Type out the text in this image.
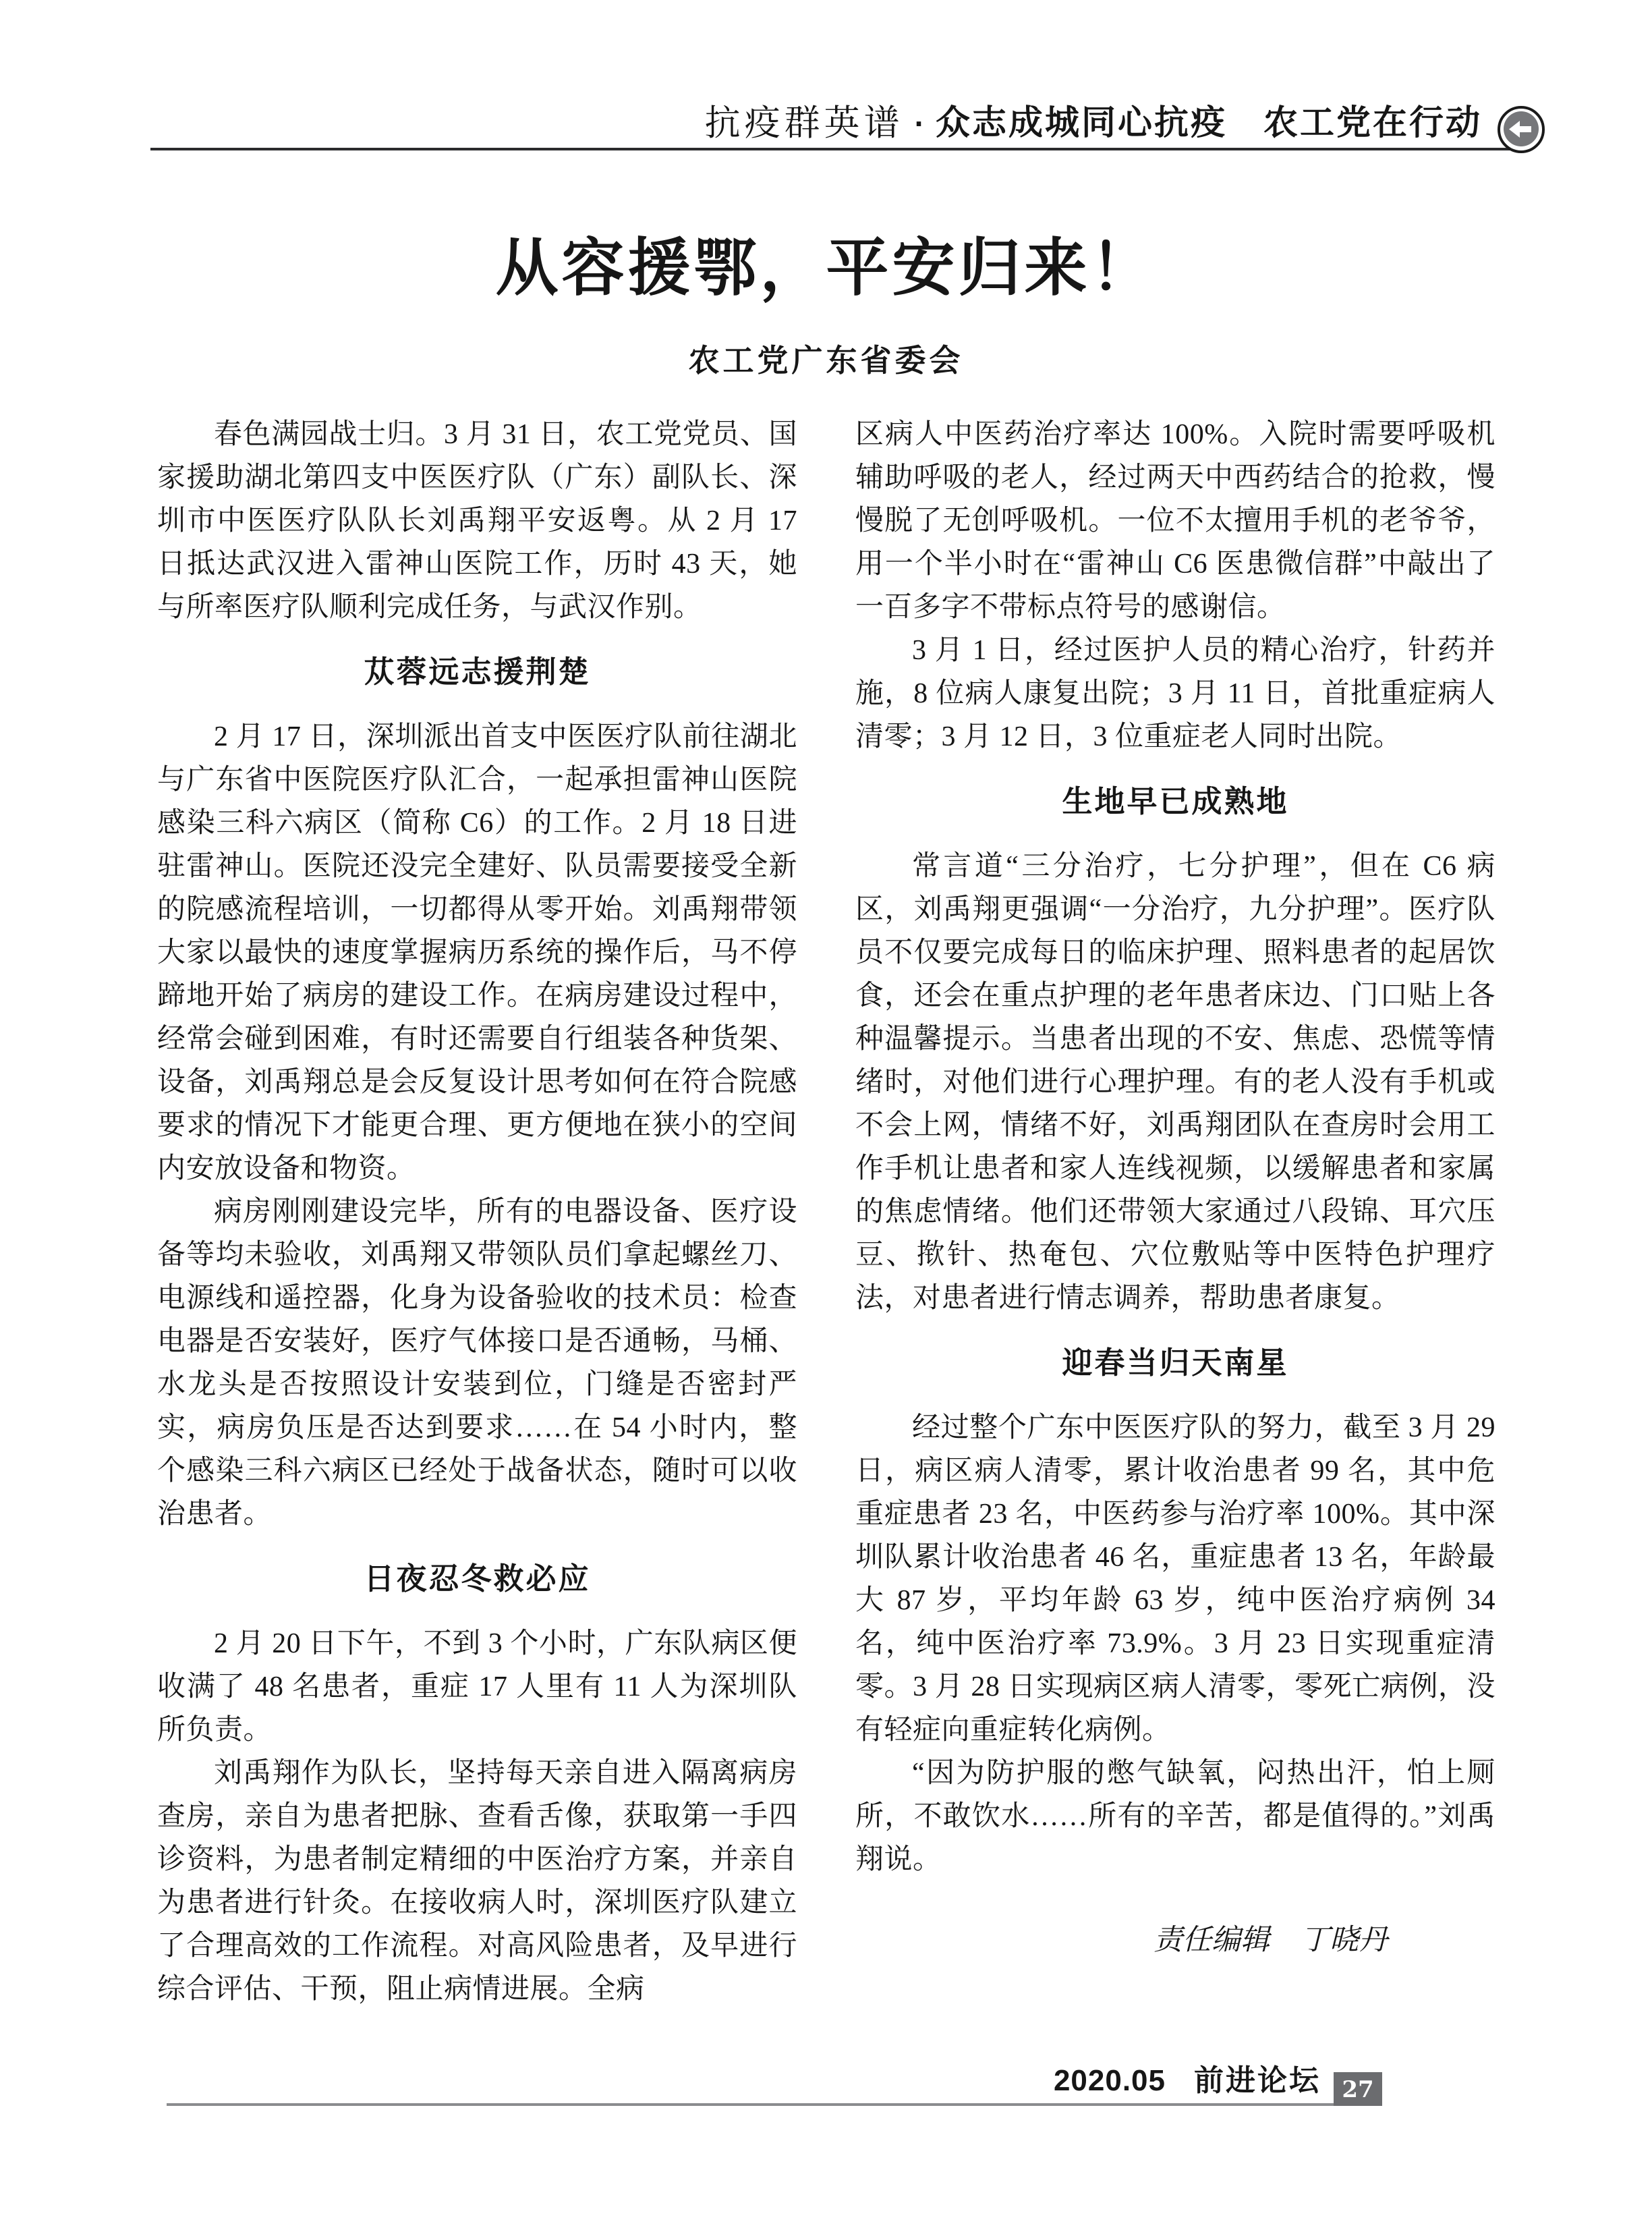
抗疫群英谱 · 众志成城同心抗疫　农工党在行动
从容援鄂，平安归来！
农工党广东省委会

春色满园战士归。3 月 31 日，农工党党员、国家援助湖北第四支中医医疗队（广东）副队长、深圳市中医医疗队队长刘禹翔平安返粤。从 2 月 17 日抵达武汉进入雷神山医院工作，历时 43 天，她与所率医疗队顺利完成任务，与武汉作别。

苁蓉远志援荆楚

2 月 17 日，深圳派出首支中医医疗队前往湖北与广东省中医院医疗队汇合，一起承担雷神山医院感染三科六病区（简称 C6）的工作。2 月 18 日进驻雷神山。医院还没完全建好、队员需要接受全新的院感流程培训，一切都得从零开始。刘禹翔带领大家以最快的速度掌握病历系统的操作后，马不停蹄地开始了病房的建设工作。在病房建设过程中，经常会碰到困难，有时还需要自行组装各种货架、设备，刘禹翔总是会反复设计思考如何在符合院感要求的情况下才能更合理、更方便地在狭小的空间内安放设备和物资。

病房刚刚建设完毕，所有的电器设备、医疗设备等均未验收，刘禹翔又带领队员们拿起螺丝刀、电源线和遥控器，化身为设备验收的技术员：检查电器是否安装好，医疗气体接口是否通畅，马桶、水龙头是否按照设计安装到位，门缝是否密封严实，病房负压是否达到要求……在 54 小时内，整个感染三科六病区已经处于战备状态，随时可以收治患者。

日夜忍冬救必应

2 月 20 日下午，不到 3 个小时，广东队病区便收满了 48 名患者，重症 17 人里有 11 人为深圳队所负责。

刘禹翔作为队长，坚持每天亲自进入隔离病房查房，亲自为患者把脉、查看舌像，获取第一手四诊资料，为患者制定精细的中医治疗方案，并亲自为患者进行针灸。在接收病人时，深圳医疗队建立了合理高效的工作流程。对高风险患者，及早进行综合评估、干预，阻止病情进展。全病

区病人中医药治疗率达 100%。入院时需要呼吸机辅助呼吸的老人，经过两天中西药结合的抢救，慢慢脱了无创呼吸机。一位不太擅用手机的老爷爷，用一个半小时在“雷神山 C6 医患微信群”中敲出了一百多字不带标点符号的感谢信。

3 月 1 日，经过医护人员的精心治疗，针药并施，8 位病人康复出院；3 月 11 日，首批重症病人清零；3 月 12 日，3 位重症老人同时出院。

生地早已成熟地

常言道“三分治疗，七分护理”，但在 C6 病区，刘禹翔更强调“一分治疗，九分护理”。医疗队员不仅要完成每日的临床护理、照料患者的起居饮食，还会在重点护理的老年患者床边、门口贴上各种温馨提示。当患者出现的不安、焦虑、恐慌等情绪时，对他们进行心理护理。有的老人没有手机或不会上网，情绪不好，刘禹翔团队在查房时会用工作手机让患者和家人连线视频，以缓解患者和家属的焦虑情绪。他们还带领大家通过八段锦、耳穴压豆、揿针、热奄包、穴位敷贴等中医特色护理疗法，对患者进行情志调养，帮助患者康复。

迎春当归天南星

经过整个广东中医医疗队的努力，截至 3 月 29 日，病区病人清零，累计收治患者 99 名，其中危重症患者 23 名，中医药参与治疗率 100%。其中深圳队累计收治患者 46 名，重症患者 13 名，年龄最大 87 岁，平均年龄 63 岁，纯中医治疗病例 34 名，纯中医治疗率 73.9%。3 月 23 日实现重症清零。3 月 28 日实现病区病人清零，零死亡病例，没有轻症向重症转化病例。

“因为防护服的憋气缺氧，闷热出汗，怕上厕所，不敢饮水……所有的辛苦，都是值得的。”刘禹翔说。

责任编辑 丁晓丹
2020.05 前进论坛 27
